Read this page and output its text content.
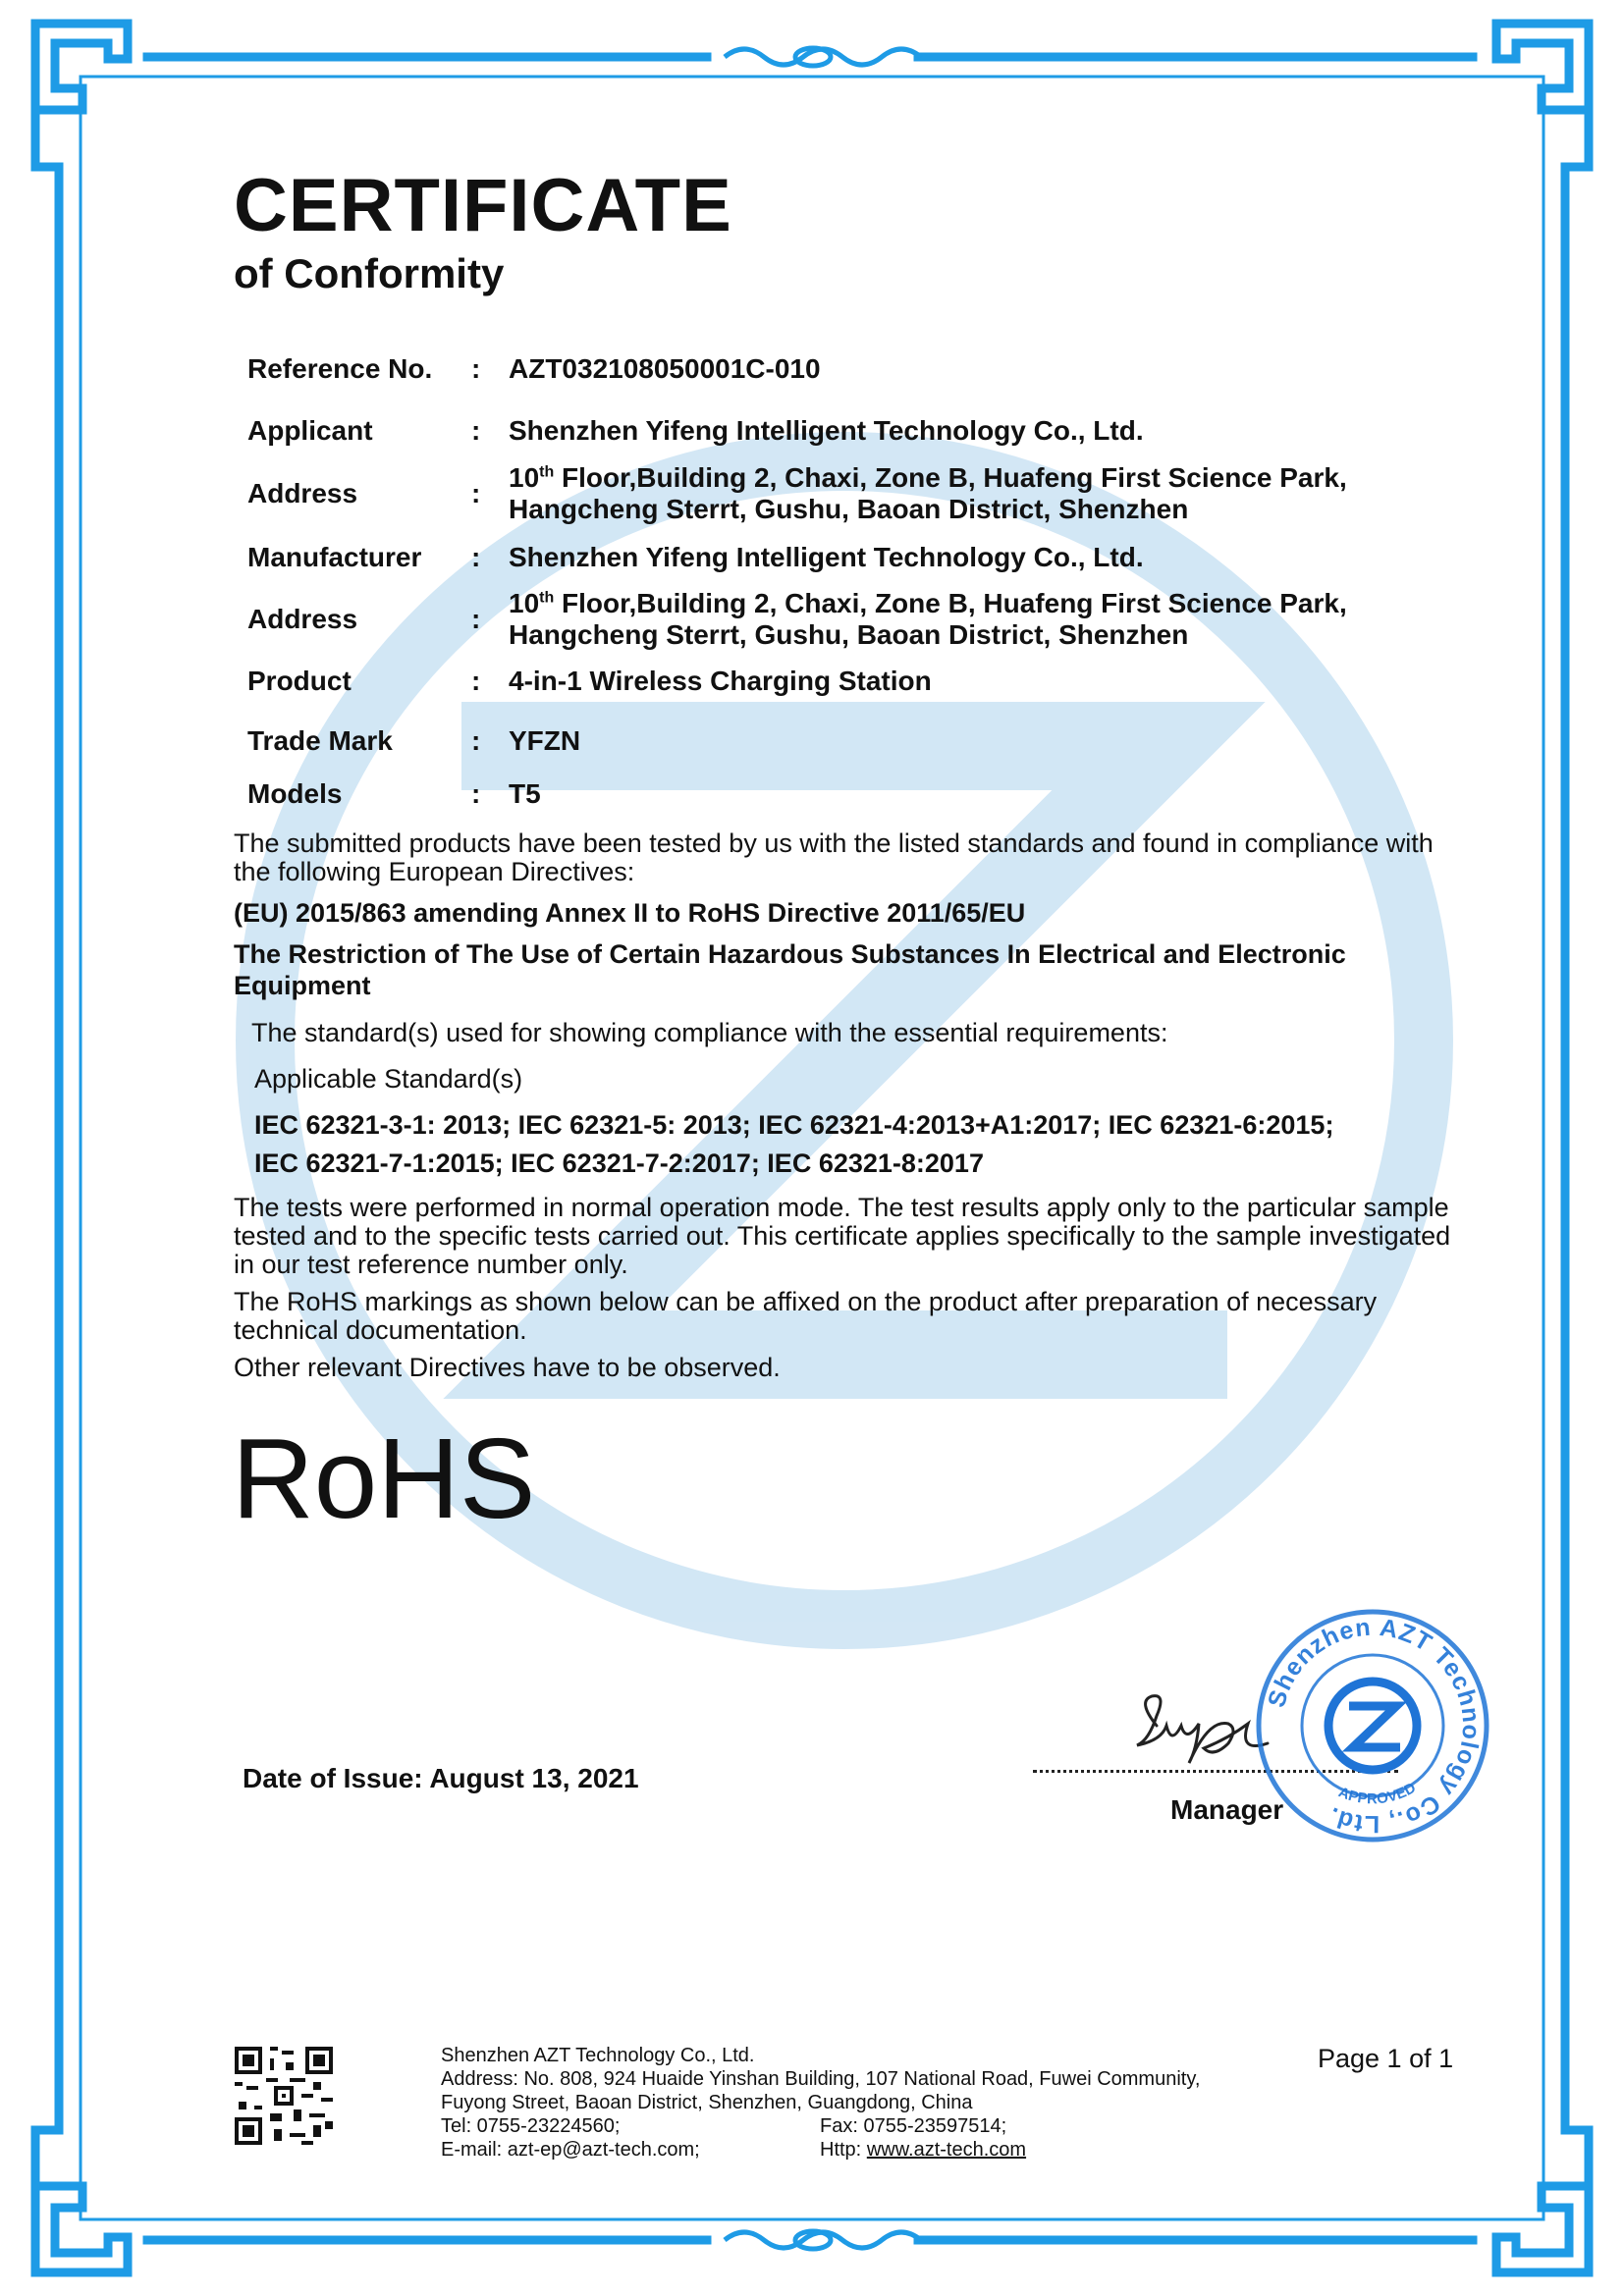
CERTIFICATE
of Conformity
Reference No. : AZT032108050001C-010
Applicant	: Shenzhen Yifeng Intelligent Technology Co., Ltd.
Address	:
10th Floor,Building 2, Chaxi, Zone B, Huafeng First Science Park,
Hangcheng Sterrt, Gushu, Baoan District, Shenzhen
Manufacturer : Shenzhen Yifeng Intelligent Technology Co., Ltd.
Address	:
10th Floor,Building 2, Chaxi, Zone B, Huafeng First Science Park,
Hangcheng Sterrt, Gushu, Baoan District, Shenzhen
Product	: 4-in-1 Wireless Charging Station
Trade Mark	: YFZN
Models	: T5
The submitted products have been tested by us with the listed standards and found in compliance with the following European Directives:
(EU) 2015/863 amending Annex II to RoHS Directive 2011/65/EU
The Restriction of The Use of Certain Hazardous Substances In Electrical and Electronic Equipment
The standard(s) used for showing compliance with the essential requirements:
Applicable Standard(s)
IEC 62321-3-1: 2013; IEC 62321-5: 2013; IEC 62321-4:2013+A1:2017; IEC 62321-6:2015;
IEC 62321-7-1:2015; IEC 62321-7-2:2017; IEC 62321-8:2017
The tests were performed in normal operation mode. The test results apply only to the particular sample tested and to the specific tests carried out. This certificate applies specifically to the sample investigated in our test reference number only.
The RoHS markings as shown below can be affixed on the product after preparation of necessary technical documentation.
Other relevant Directives have to be observed.
RoHS
Date of Issue: August 13, 2021
Manager
Shenzhen AZT Technology Co., Ltd.
APPROVED
Shenzhen AZT Technology Co., Ltd.
Address: No. 808, 924 Huaide Yinshan Building, 107 National Road, Fuwei Community,
Fuyong Street, Baoan District, Shenzhen, Guangdong, China
Tel: 0755-23224560;	Fax: 0755-23597514;
E-mail: azt-ep@azt-tech.com;	Http: www.azt-tech.com
Page 1 of 1
